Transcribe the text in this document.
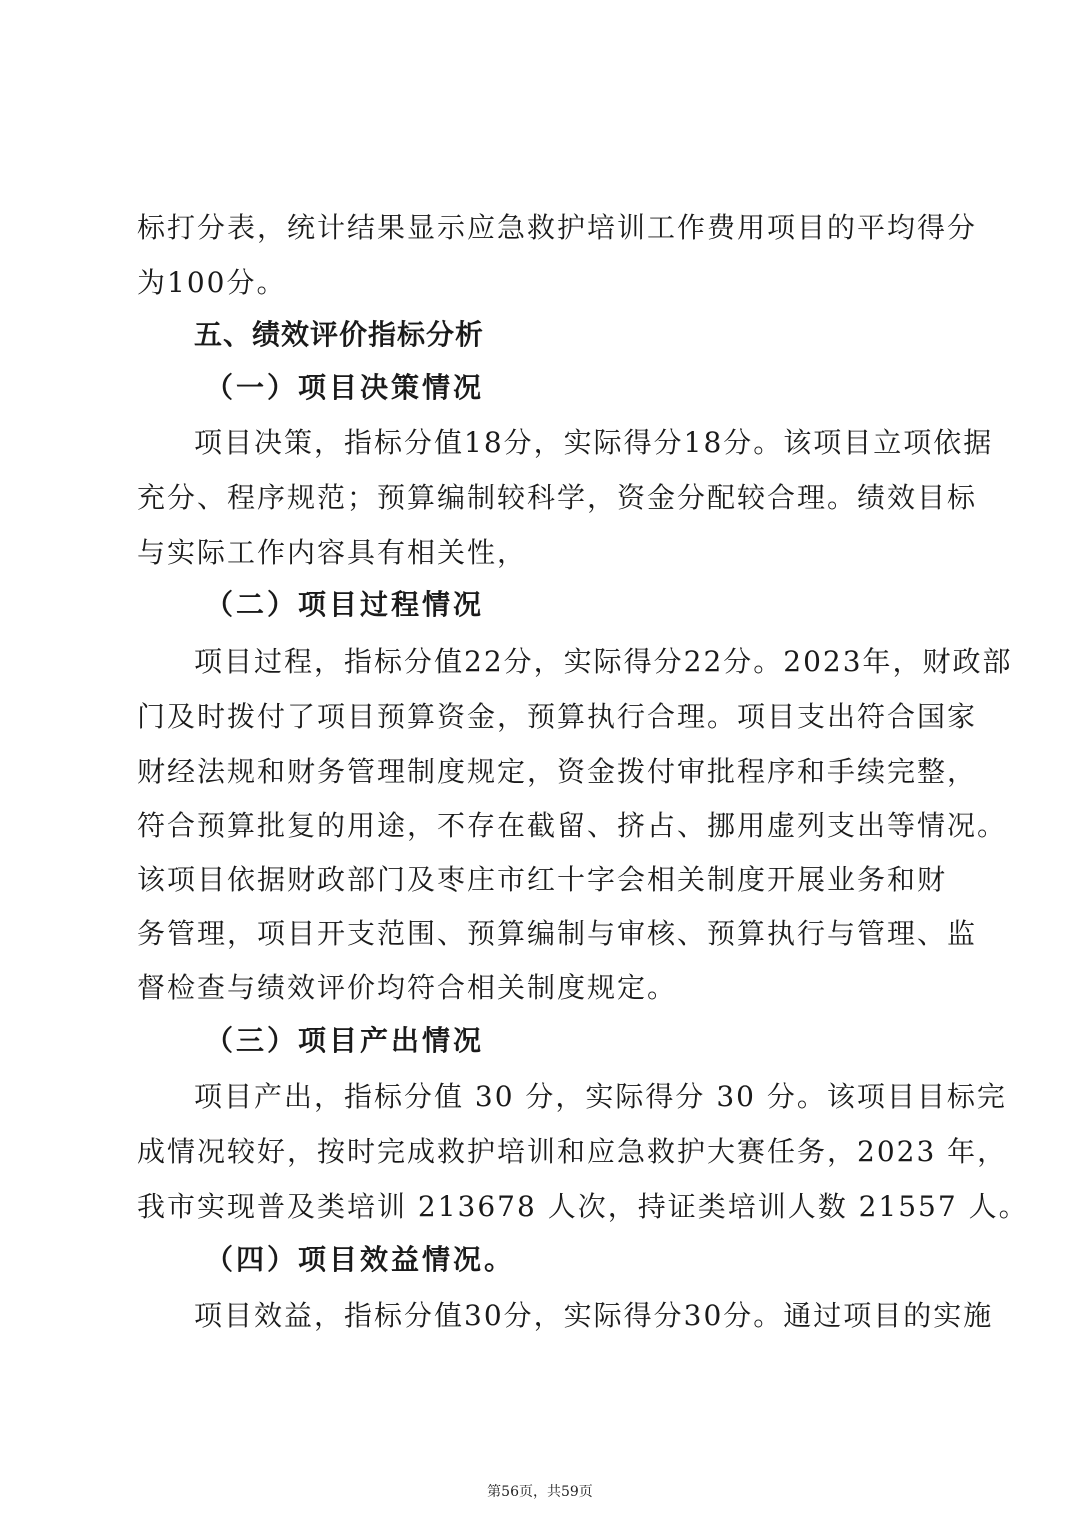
标打分表，统计结果显示应急救护培训工作费用项目的平均得分
为100分。
五、绩效评价指标分析
（一）项目决策情况
项目决策，指标分值18分，实际得分18分。该项目立项依据
充分、程序规范；预算编制较科学，资金分配较合理。绩效目标
与实际工作内容具有相关性，
（二）项目过程情况
项目过程，指标分值22分，实际得分22分。2023年，财政部
门及时拨付了项目预算资金，预算执行合理。项目支出符合国家
财经法规和财务管理制度规定，资金拨付审批程序和手续完整，
符合预算批复的用途，不存在截留、挤占、挪用虚列支出等情况。
该项目依据财政部门及枣庄市红十字会相关制度开展业务和财
务管理，项目开支范围、预算编制与审核、预算执行与管理、监
督检查与绩效评价均符合相关制度规定。
（三）项目产出情况
项目产出，指标分值 30 分，实际得分 30 分。该项目目标完
成情况较好，按时完成救护培训和应急救护大赛任务，2023 年，
我市实现普及类培训 213678 人次，持证类培训人数 21557 人。
（四）项目效益情况。
项目效益，指标分值30分，实际得分30分。通过项目的实施
第56页，共59页
